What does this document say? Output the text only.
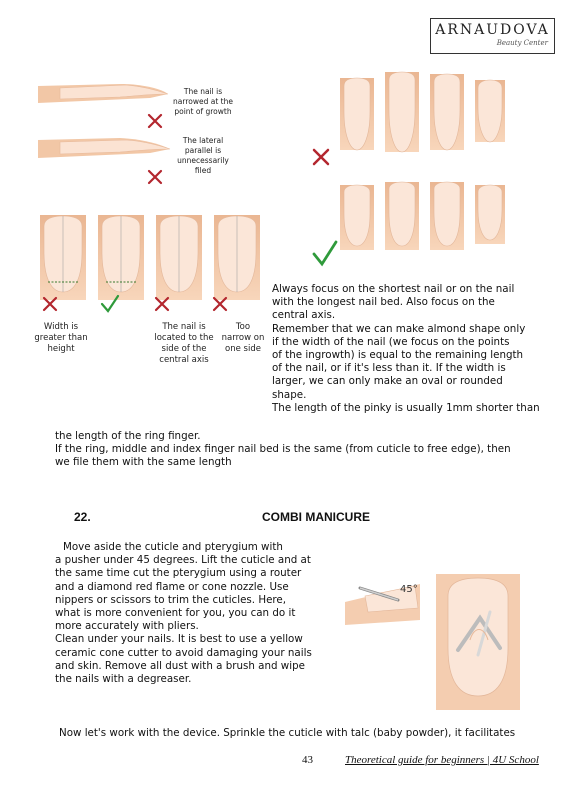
ARNAUDOVA
Beauty Center
The nail is
narrowed at the
point of growth
The lateral
parallel is
unnecessarily
filed
Width is
greater than
height
The nail is
located to the
side of the
central axis
Too
narrow on
one side
Always focus on the shortest nail or on the nail
with the longest nail bed. Also focus on the
central axis.
Remember that we can make almond shape only
if the width of the nail (we focus on the points
of the ingrowth) is equal to the remaining length
of the nail, or if it's less than it. If the width is
larger, we can only make an oval or rounded
shape.
The length of the pinky is usually 1mm shorter than
the length of the ring finger.
If the ring, middle and index finger nail bed is the same (from cuticle to free edge), then
we file them with the same length
22.	COMBI MANICURE
Move aside the cuticle and pterygium with
a pusher under 45 degrees. Lift the cuticle and at
the same time cut the pterygium using a router
and a diamond red flame or cone nozzle. Use
nippers or scissors to trim the cuticles. Here,
what is more convenient for you, you can do it
more accurately with pliers.
Clean under your nails. It is best to use a yellow
ceramic cone cutter to avoid damaging your nails
and skin. Remove all dust with a brush and wipe
the nails with a degreaser.
45°
Now let's work with the device. Sprinkle the cuticle with talc (baby powder), it facilitates
43	Theoretical guide for beginners | 4U School
